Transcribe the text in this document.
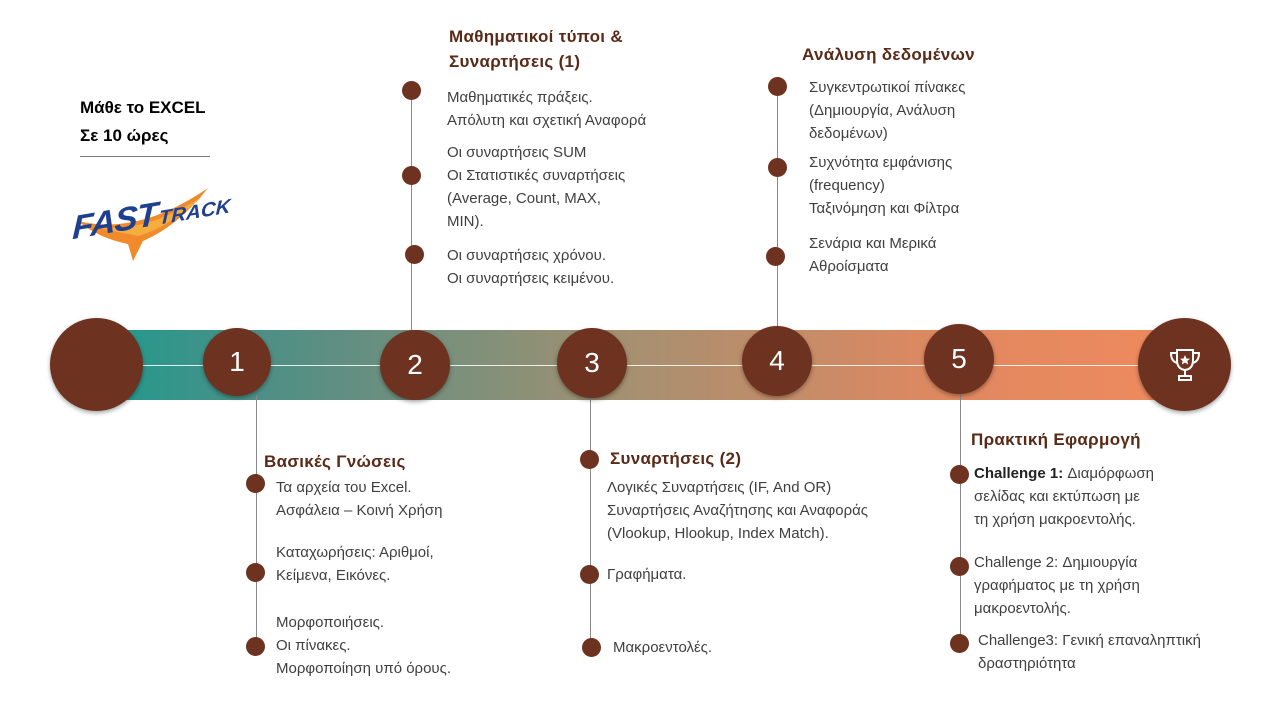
Μάθε το EXCEL
Σε 10 ώρες
FASTTRACK
1	2	3	4	5
Βασικές Γνώσεις
Τα αρχεία του Excel.
Ασφάλεια – Κοινή Χρήση
Καταχωρήσεις: Αριθμοί,
Κείμενα, Εικόνες.
Μορφοποιήσεις.
Οι πίνακες.
Μορφοποίηση υπό όρους.
Μαθηματικοί τύποι &
Συναρτήσεις (1)
Μαθηματικές πράξεις.
Απόλυτη και σχετική Αναφορά
Οι συναρτήσεις SUM
Οι Στατιστικές συναρτήσεις
(Average, Count, MAX,
MIN).
Οι συναρτήσεις χρόνου.
Οι συναρτήσεις κειμένου.
Συναρτήσεις (2)
Λογικές Συναρτήσεις (IF, And OR)
Συναρτήσεις Αναζήτησης και Αναφοράς
(Vlookup, Hlookup, Index Match).
Γραφήματα.
Μακροεντολές.
Ανάλυση δεδομένων
Συγκεντρωτικοί πίνακες
(Δημιουργία, Ανάλυση
δεδομένων)
Συχνότητα εμφάνισης
(frequency)
Ταξινόμηση και Φίλτρα
Σενάρια και Μερικά
Αθροίσματα
Πρακτική Εφαρμογή
Challenge 1: Διαμόρφωση
σελίδας και εκτύπωση με
τη χρήση μακροεντολής.
Challenge 2: Δημιουργία
γραφήματος με τη χρήση
μακροεντολής.
Challenge3: Γενική επαναληπτική
δραστηριότητα
